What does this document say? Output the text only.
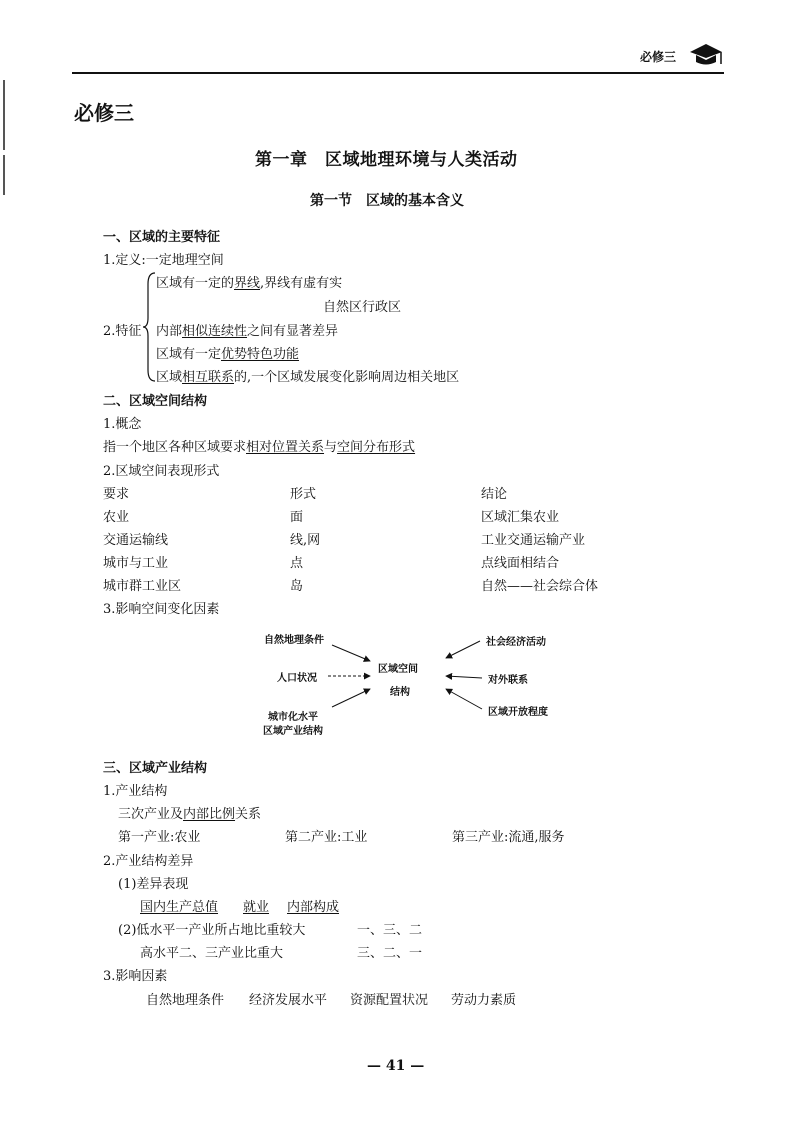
必修三
必修三
第一章　区域地理环境与人类活动
第一节　区域的基本含义
一、区域的主要特征
1.定义:一定地理空间
2.特征
区域有一定的界线,界线有虚有实
自然区行政区
内部相似连续性之间有显著差异
区域有一定优势特色功能
区域相互联系的,一个区域发展变化影响周边相关地区
二、区域空间结构
1.概念
指一个地区各种区域要求相对位置关系与空间分布形式
2.区域空间表现形式
要求	形式	结论
农业	面	区域汇集农业
交通运输线	线,网	工业交通运输产业
城市与工业	点	点线面相结合
城市群工业区	岛	自然——社会综合体
3.影响空间变化因素
自然地理条件
人口状况
城市化水平
区域产业结构
区域空间
结构
社会经济活动
对外联系
区域开放程度
三、区域产业结构
1.产业结构
三次产业及内部比例关系
第一产业:农业	第二产业:工业	第三产业:流通,服务
2.产业结构差异
(1)差异表现
国内生产总值 就业 内部构成
(2)低水平一产业所占地比重较大	一、三、二
高水平二、三产业比重大	三、二、一
3.影响因素
自然地理条件 经济发展水平 资源配置状况 劳动力素质
— 41 —
